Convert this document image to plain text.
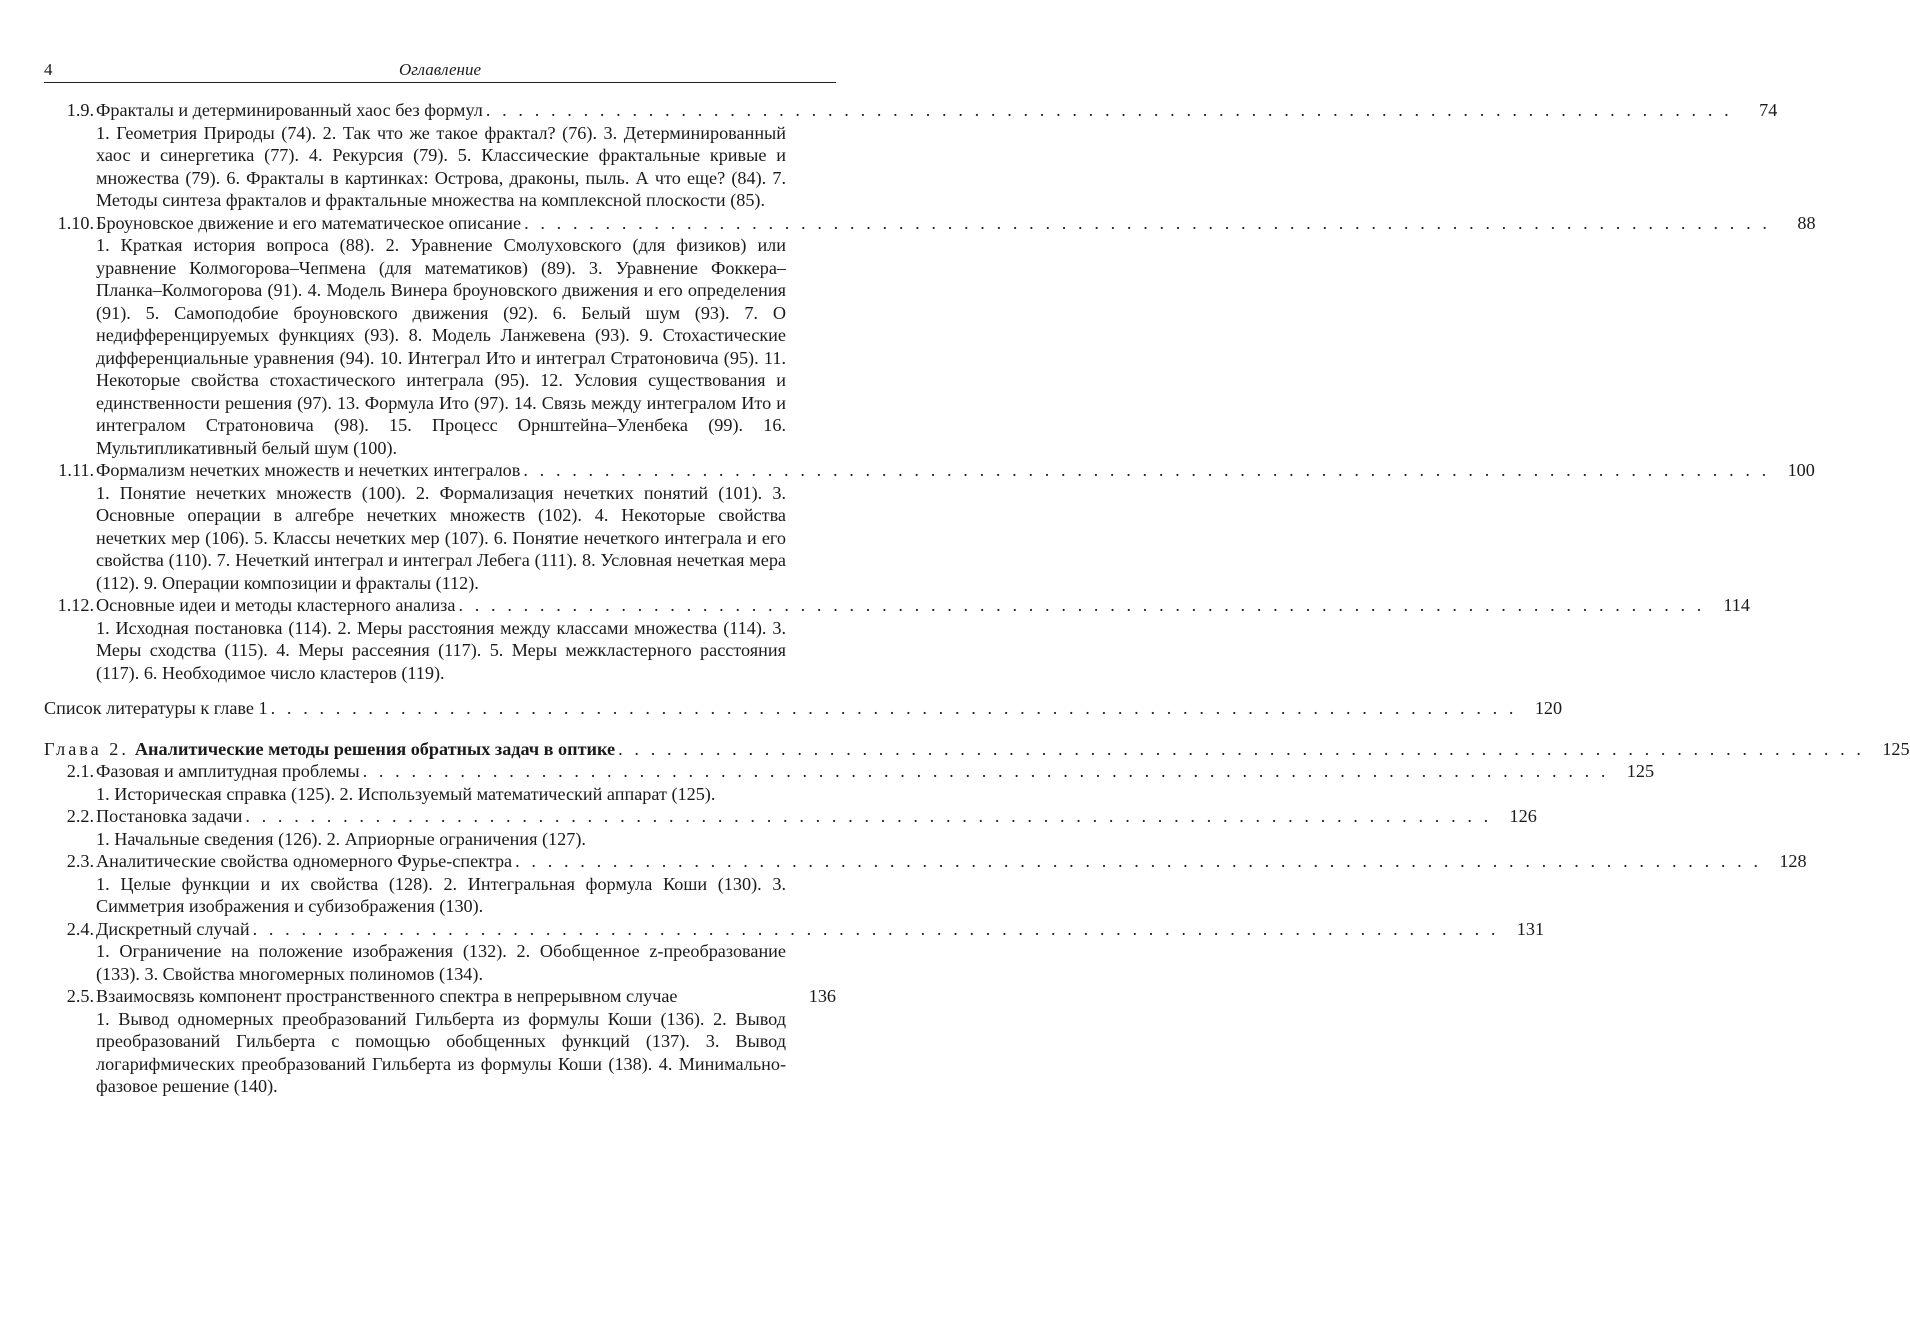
4	Оглавление
1.9. Фракталы и детерминированный хаос без формул . . . . . . . . . . . . . . . . . . . . . . . . . . . . . . . . . . . . . . . . . . . . . . . . . . . . . . . . . . . . . . . . . . . . . . . . . . . . .	74
1. Геометрия Природы (74). 2. Так что же такое фрактал? (76). 3. Детерминированный хаос и синергетика (77). 4. Рекурсия (79). 5. Классические фрактальные кривые и множества (79). 6. Фракталы в картинках: Острова, драконы, пыль. А что еще? (84). 7. Методы синтеза фракталов и фрактальные множества на комплексной плоскости (85).
1.10. Броуновское движение и его математическое описание . . . . . . . . . . . . . . . . . . . . . . . . . . . . . . . . . . . . . . . . . . . . . . . . . . . . . . . . . . . . . . . . . . . . . . . . . . . . .	88
1. Краткая история вопроса (88). 2. Уравнение Смолуховского (для физиков) или уравнение Колмогорова–Чепмена (для математиков) (89). 3. Уравнение Фоккера–Планка–Колмогорова (91). 4. Модель Винера броуновского движения и его определения (91). 5. Самоподобие броуновского движения (92). 6. Белый шум (93). 7. О недифференцируемых функциях (93). 8. Модель Ланжевена (93). 9. Стохастические дифференциальные уравнения (94). 10. Интеграл Ито и интеграл Стратоновича (95). 11. Некоторые свойства стохастического интеграла (95). 12. Условия существования и единственности решения (97). 13. Формула Ито (97). 14. Связь между интегралом Ито и интегралом Стратоновича (98). 15. Процесс Орнштейна–Уленбека (99). 16. Мультипликативный белый шум (100).
1.11. Формализм нечетких множеств и нечетких интегралов . . . . . . . . . . . . . . . . . . . . . . . . . . . . . . . . . . . . . . . . . . . . . . . . . . . . . . . . . . . . . . . . . . . . . . . . . . . . . 100
1. Понятие нечетких множеств (100). 2. Формализация нечетких понятий (101). 3. Основные операции в алгебре нечетких множеств (102). 4. Некоторые свойства нечетких мер (106). 5. Классы нечетких мер (107). 6. Понятие нечеткого интеграла и его свойства (110). 7. Нечеткий интеграл и интеграл Лебега (111). 8. Условная нечеткая мера (112). 9. Операции композиции и фракталы (112).
1.12. Основные идеи и методы кластерного анализа . . . . . . . . . . . . . . . . . . . . . . . . . . . . . . . . . . . . . . . . . . . . . . . . . . . . . . . . . . . . . . . . . . . . . . . . . . . . .	114
1. Исходная постановка (114). 2. Меры расстояния между классами множества (114). 3. Меры сходства (115). 4. Меры рассеяния (117). 5. Меры межкластерного расстояния (117). 6. Необходимое число кластеров (119).
Список литературы к главе 1 . . . . . . . . . . . . . . . . . . . . . . . . . . . . . . . . . . . . . . . . . . . . . . . . . . . . . . . . . . . . . . . . . . . . . . . . . . . . . 120
Глава 2. Аналитические методы решения обратных задач в оптике . . . . . . . . . . . . . . . . . . . . . . . . . . . . . . . . . . . . . . . . . . . . . . . . . . . . . . . . . . . . . . . . . . . . . . . . . . . . . 125
2.1. Фазовая и амплитудная проблемы . . . . . . . . . . . . . . . . . . . . . . . . . . . . . . . . . . . . . . . . . . . . . . . . . . . . . . . . . . . . . . . . . . . . . . . . . . . . . 125
1. Историческая справка (125). 2. Используемый математический аппарат (125).
2.2. Постановка задачи . . . . . . . . . . . . . . . . . . . . . . . . . . . . . . . . . . . . . . . . . . . . . . . . . . . . . . . . . . . . . . . . . . . . . . . . . . . . . 126
1. Начальные сведения (126). 2. Априорные ограничения (127).
2.3. Аналитические свойства одномерного Фурье-спектра . . . . . . . . . . . . . . . . . . . . . . . . . . . . . . . . . . . . . . . . . . . . . . . . . . . . . . . . . . . . . . . . . . . . . . . . . . . . . 128
1. Целые функции и их свойства (128). 2. Интегральная формула Коши (130). 3. Симметрия изображения и субизображения (130).
2.4. Дискретный случай . . . . . . . . . . . . . . . . . . . . . . . . . . . . . . . . . . . . . . . . . . . . . . . . . . . . . . . . . . . . . . . . . . . . . . . . . . . . . 131
1. Ограничение на положение изображения (132). 2. Обобщенное z-преобразование (133). 3. Свойства многомерных полиномов (134).
2.5. Взаимосвязь компонент пространственного спектра в непрерывном случае	136
1. Вывод одномерных преобразований Гильберта из формулы Коши (136). 2. Вывод преобразований Гильберта с помощью обобщенных функций (137). 3. Вывод логарифмических преобразований Гильберта из формулы Коши (138). 4. Минимально-фазовое решение (140).
